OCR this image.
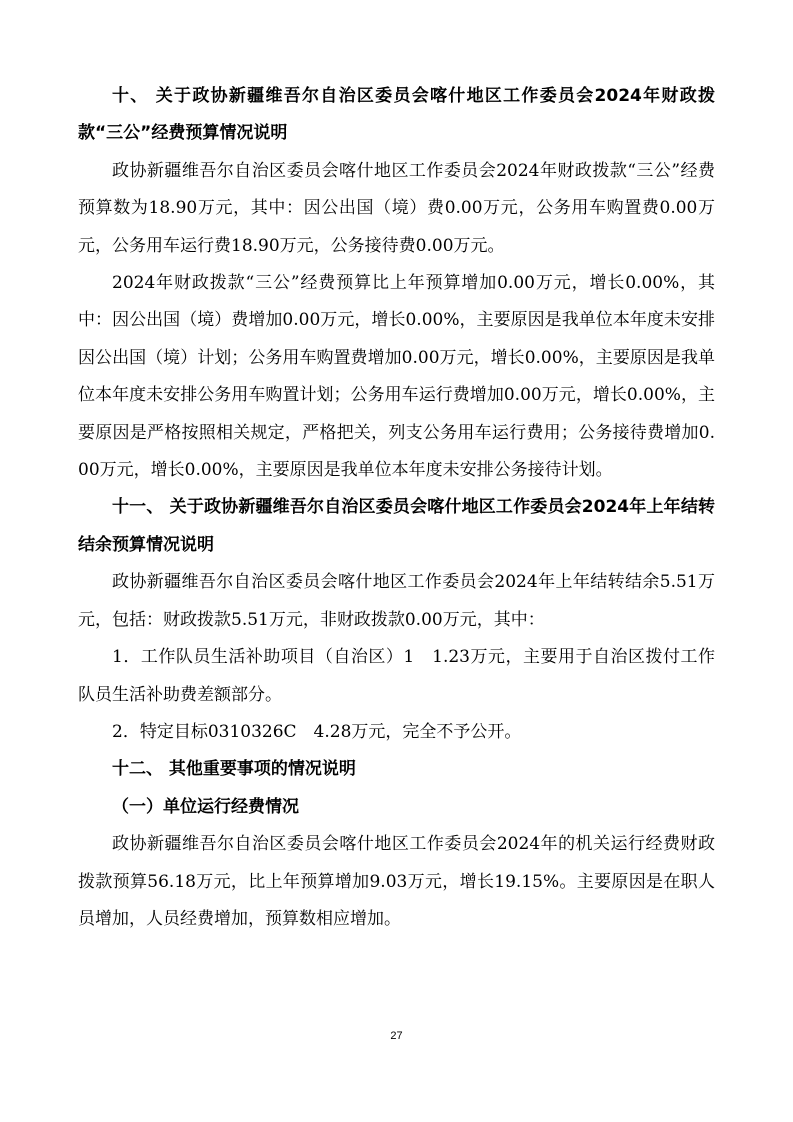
十、 关于政协新疆维吾尔自治区委员会喀什地区工作委员会2024年财政拨款“三公”经费预算情况说明

政协新疆维吾尔自治区委员会喀什地区工作委员会2024年财政拨款“三公”经费预算数为18.90万元，其中：因公出国（境）费0.00万元，公务用车购置费0.00万元，公务用车运行费18.90万元，公务接待费0.00万元。

2024年财政拨款“三公”经费预算比上年预算增加0.00万元，增长0.00%，其中：因公出国（境）费增加0.00万元，增长0.00%，主要原因是我单位本年度未安排因公出国（境）计划；公务用车购置费增加0.00万元，增长0.00%，主要原因是我单位本年度未安排公务用车购置计划；公务用车运行费增加0.00万元，增长0.00%，主要原因是严格按照相关规定，严格把关，列支公务用车运行费用；公务接待费增加0.00万元，增长0.00%，主要原因是我单位本年度未安排公务接待计划。

十一、 关于政协新疆维吾尔自治区委员会喀什地区工作委员会2024年上年结转结余预算情况说明

政协新疆维吾尔自治区委员会喀什地区工作委员会2024年上年结转结余5.51万元，包括：财政拨款5.51万元，非财政拨款0.00万元，其中：

1．工作队员生活补助项目（自治区）1　1.23万元，主要用于自治区拨付工作队员生活补助费差额部分。

2．特定目标0310326C　4.28万元，完全不予公开。

十二、 其他重要事项的情况说明

（一）单位运行经费情况

政协新疆维吾尔自治区委员会喀什地区工作委员会2024年的机关运行经费财政拨款预算56.18万元，比上年预算增加9.03万元，增长19.15%。主要原因是在职人员增加，人员经费增加，预算数相应增加。

27
